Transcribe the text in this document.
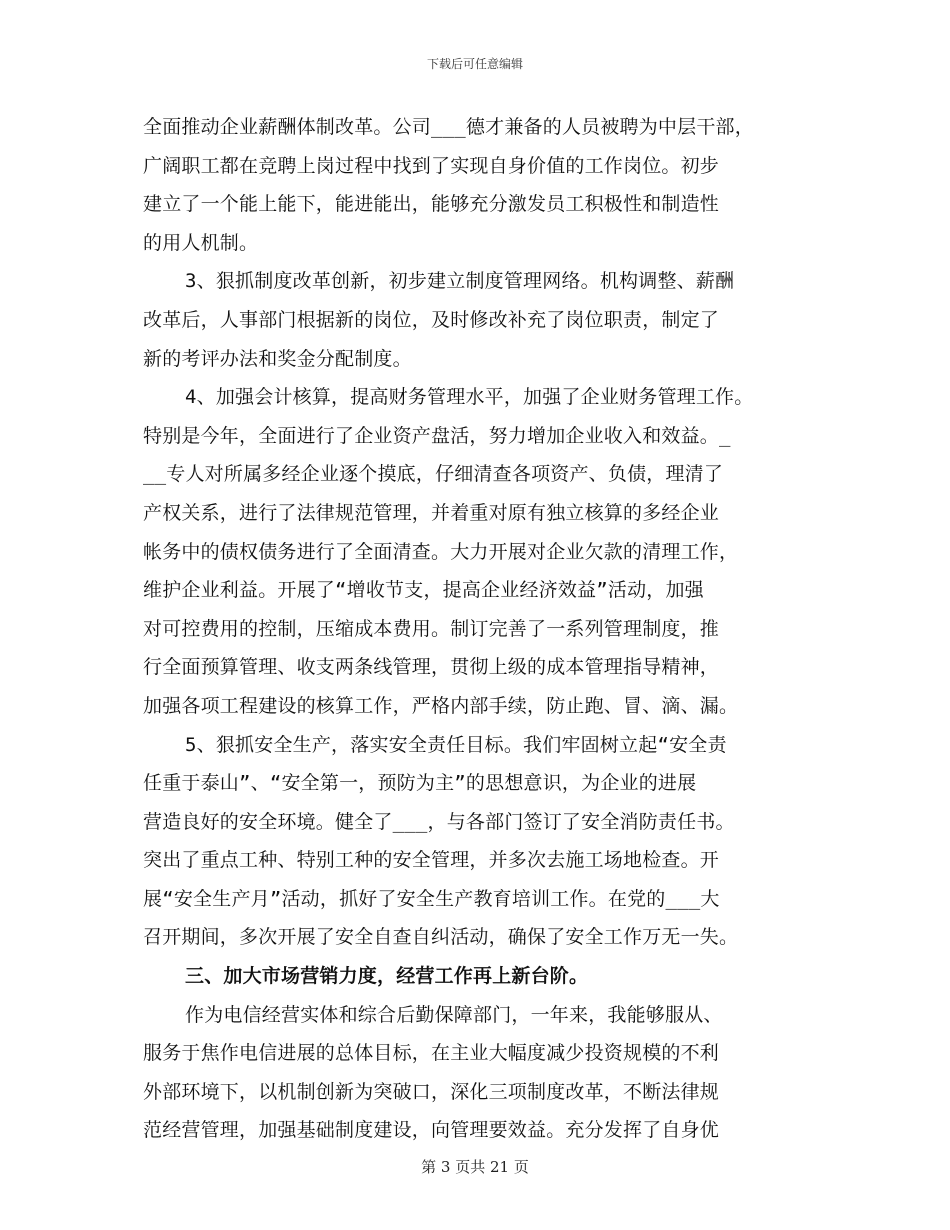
下载后可任意编辑
全面推动企业薪酬体制改革。公司___德才兼备的人员被聘为中层干部，
广阔职工都在竞聘上岗过程中找到了实现自身价值的工作岗位。初步
建立了一个能上能下，能进能出，能够充分激发员工积极性和制造性
的用人机制。
3、狠抓制度改革创新，初步建立制度管理网络。机构调整、薪酬
改革后，人事部门根据新的岗位，及时修改补充了岗位职责，制定了
新的考评办法和奖金分配制度。
4、加强会计核算，提高财务管理水平，加强了企业财务管理工作。
特别是今年，全面进行了企业资产盘活，努力增加企业收入和效益。_
__专人对所属多经企业逐个摸底，仔细清查各项资产、负债，理清了
产权关系，进行了法律规范管理，并着重对原有独立核算的多经企业
帐务中的债权债务进行了全面清查。大力开展对企业欠款的清理工作，
维护企业利益。开展了“增收节支，提高企业经济效益”活动，加强
对可控费用的控制，压缩成本费用。制订完善了一系列管理制度，推
行全面预算管理、收支两条线管理，贯彻上级的成本管理指导精神，
加强各项工程建设的核算工作，严格内部手续，防止跑、冒、滴、漏。
5、狠抓安全生产，落实安全责任目标。我们牢固树立起“安全责
任重于泰山”、“安全第一，预防为主”的思想意识，为企业的进展
营造良好的安全环境。健全了___，与各部门签订了安全消防责任书。
突出了重点工种、特别工种的安全管理，并多次去施工场地检查。开
展“安全生产月”活动，抓好了安全生产教育培训工作。在党的___大
召开期间，多次开展了安全自查自纠活动，确保了安全工作万无一失。
三、加大市场营销力度，经营工作再上新台阶。
作为电信经营实体和综合后勤保障部门，一年来，我能够服从、
服务于焦作电信进展的总体目标，在主业大幅度减少投资规模的不利
外部环境下，以机制创新为突破口，深化三项制度改革，不断法律规
范经营管理，加强基础制度建设，向管理要效益。充分发挥了自身优
第 3 页共 21 页
